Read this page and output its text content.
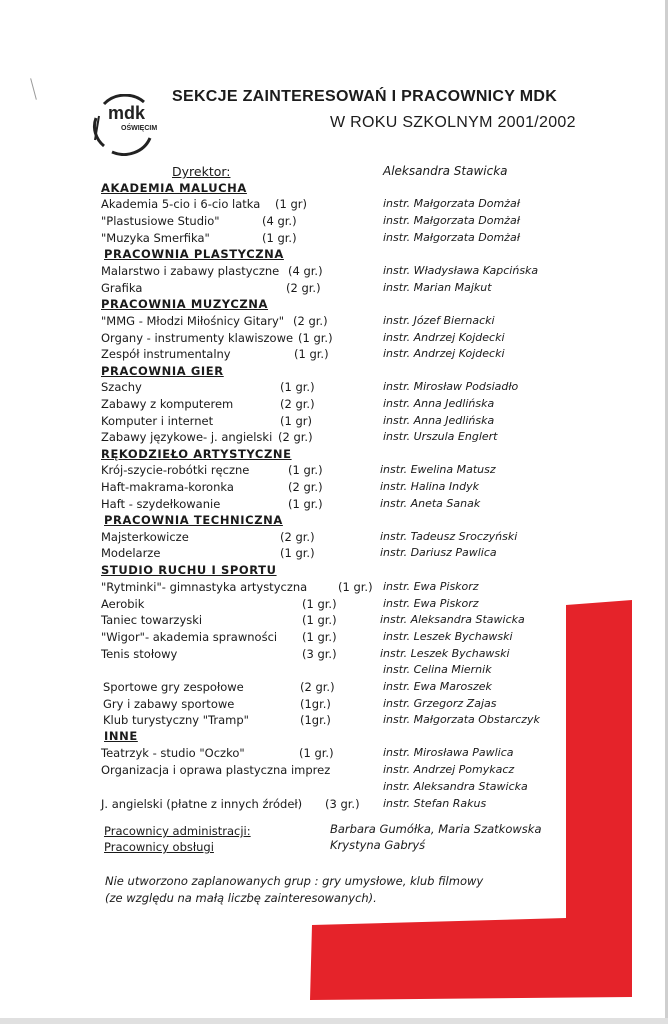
mdk
OŚWIĘCIM
SEKCJE ZAINTERESOWAŃ I PRACOWNICY MDK
W ROKU SZKOLNYM 2001/2002
Dyrektor:	Aleksandra Stawicka
AKADEMIA MALUCHA
Akademia 5-cio i 6-cio latka (1 gr)	instr. Małgorzata Domżał
"Plastusiowe Studio"	(4 gr.)	instr. Małgorzata Domżał
"Muzyka Smerfika"	(1 gr.)	instr. Małgorzata Domżał
PRACOWNIA PLASTYCZNA
Malarstwo i zabawy plastyczne (4 gr.)	instr. Władysława Kapcińska
Grafika	(2 gr.)	instr. Marian Majkut
PRACOWNIA MUZYCZNA
"MMG - Młodzi Miłośnicy Gitary" (2 gr.)	instr. Józef Biernacki
Organy - instrumenty klawiszowe (1 gr.)	instr. Andrzej Kojdecki
Zespół instrumentalny	(1 gr.)	instr. Andrzej Kojdecki
PRACOWNIA GIER
Szachy	(1 gr.)	instr. Mirosław Podsiadło
Zabawy z komputerem	(2 gr.)	instr. Anna Jedlińska
Komputer i internet	(1 gr)	instr. Anna Jedlińska
Zabawy językowe- j. angielski (2 gr.)	instr. Urszula Englert
RĘKODZIEŁO ARTYSTYCZNE
Krój-szycie-robótki ręczne	(1 gr.)	instr. Ewelina Matusz
Haft-makrama-koronka	(2 gr.)	instr. Halina Indyk
Haft - szydełkowanie	(1 gr.)	instr. Aneta Sanak
PRACOWNIA TECHNICZNA
Majsterkowicze	(2 gr.)	instr. Tadeusz Sroczyński
Modelarze	(1 gr.)	instr. Dariusz Pawlica
STUDIO RUCHU I SPORTU
"Rytminki"- gimnastyka artystyczna	(1 gr.) instr. Ewa Piskorz
Aerobik	(1 gr.)	instr. Ewa Piskorz
Taniec towarzyski	(1 gr.)	instr. Aleksandra Stawicka
"Wigor"- akademia sprawności (1 gr.)	instr. Leszek Bychawski
Tenis stołowy	(3 gr.)	instr. Leszek Bychawski
instr. Celina Miernik
Sportowe gry zespołowe	(2 gr.)	instr. Ewa Maroszek
Gry i zabawy sportowe	(1gr.)	instr. Grzegorz Zajas
Klub turystyczny "Tramp"	(1gr.)	instr. Małgorzata Obstarczyk
INNE
Teatrzyk - studio "Oczko"	(1 gr.)	instr. Mirosława Pawlica
Organizacja i oprawa plastyczna imprez	instr. Andrzej Pomykacz
instr. Aleksandra Stawicka
J. angielski (płatne z innych źródeł) (3 gr.) instr. Stefan Rakus
Pracownicy administracji:	Barbara Gumółka, Maria Szatkowska
Pracownicy obsługi	Krystyna Gabryś
Nie utworzono zaplanowanych grup : gry umysłowe, klub filmowy
(ze względu na małą liczbę zainteresowanych).
